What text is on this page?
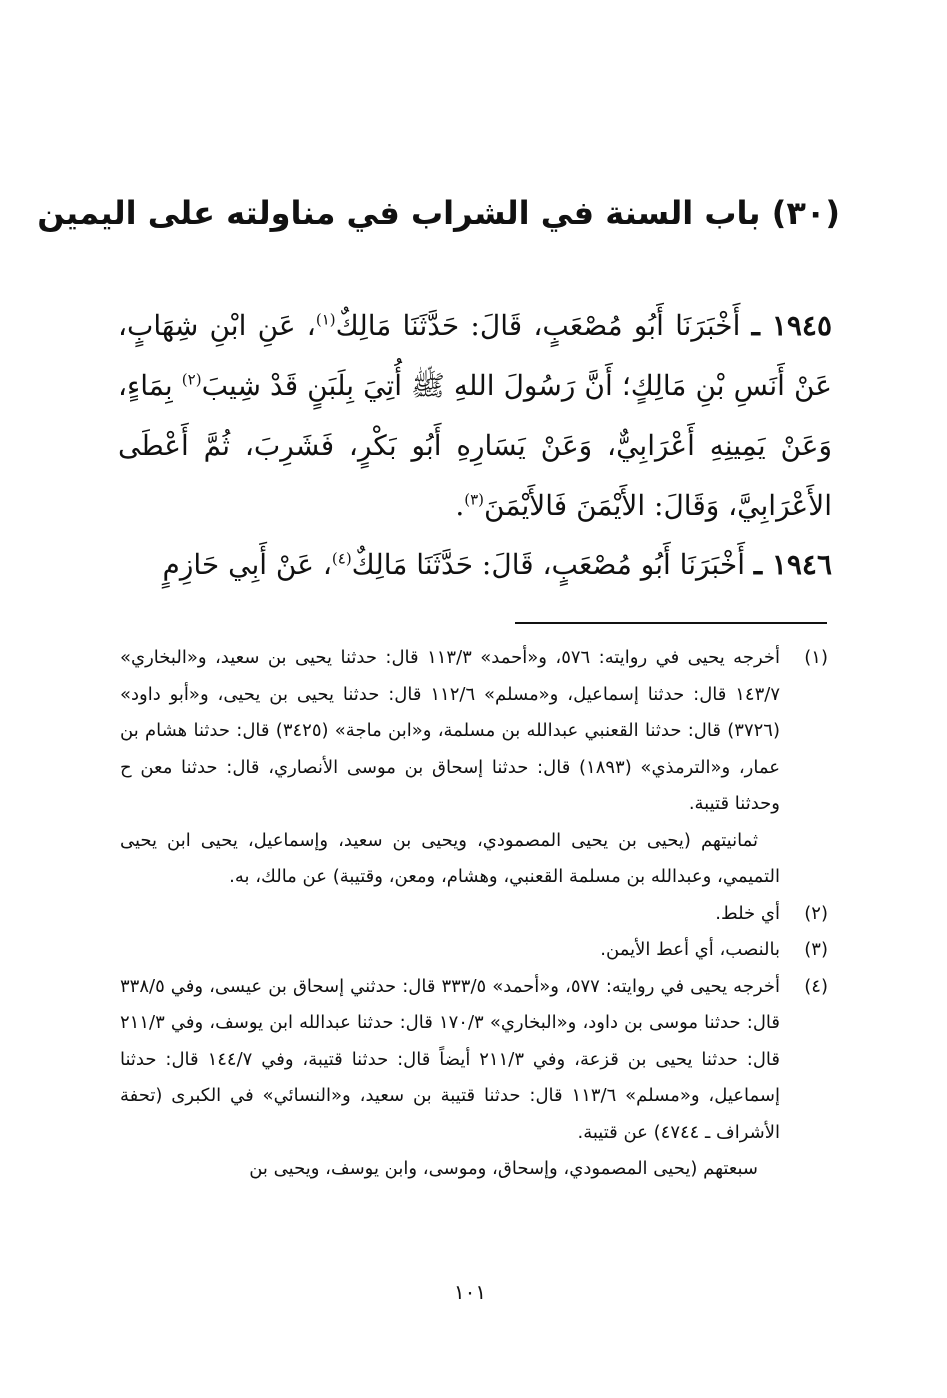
(٣٠) باب السنة في الشراب في مناولته على اليمين
١٩٤٥ ـ أَخْبَرَنَا أَبُو مُصْعَبٍ، قَالَ: حَدَّثَنَا مَالِكٌ$^{(١)}$، عَنِ ابْنِ شِهَابٍ، عَنْ أَنَسِ بْنِ مَالِكٍ؛ أَنَّ رَسُولَ اللهِ ﷺ أُتِيَ بِلَبَنٍ قَدْ شِيبَ$^{(٢)}$ بِمَاءٍ، وَعَنْ يَمِينِهِ أَعْرَابِيٌّ، وَعَنْ يَسَارِهِ أَبُو بَكْرٍ، فَشَرِبَ، ثُمَّ أَعْطَى الأَعْرَابِيَّ، وَقَالَ: الأَيْمَنَ فَالأَيْمَنَ$^{(٣)}$.
١٩٤٦ ـ أَخْبَرَنَا أَبُو مُصْعَبٍ، قَالَ: حَدَّثَنَا مَالِكٌ$^{(٤)}$، عَنْ أَبِي حَازِمٍ
(١)
أخرجه يحيى في روايته: ٥٧٦، و«أحمد» ١١٣/٣ قال: حدثنا يحيى بن سعيد، و«البخاري» ١٤٣/٧ قال: حدثنا إسماعيل، و«مسلم» ١١٢/٦ قال: حدثنا يحيى بن يحيى، و«أبو داود» (٣٧٢٦) قال: حدثنا القعنبي عبدالله بن مسلمة، و«ابن ماجة» (٣٤٢٥) قال: حدثنا هشام بن عمار، و«الترمذي» (١٨٩٣) قال: حدثنا إسحاق بن موسى الأنصاري، قال: حدثنا معن ح وحدثنا قتيبة.
ثمانيتهم (يحيى بن يحيى المصمودي، ويحيى بن سعيد، وإسماعيل، يحيى ابن يحيى التميمي، وعبدالله بن مسلمة القعنبي، وهشام، ومعن، وقتيبة) عن مالك، به.
(٢)
أي خلط.
(٣)
بالنصب، أي أعط الأيمن.
(٤)
أخرجه يحيى في روايته: ٥٧٧، و«أحمد» ٣٣٣/٥ قال: حدثني إسحاق بن عيسى، وفي ٣٣٨/٥ قال: حدثنا موسى بن داود، و«البخاري» ١٧٠/٣ قال: حدثنا عبدالله ابن يوسف، وفي ٢١١/٣ قال: حدثنا يحيى بن قزعة، وفي ٢١١/٣ أيضاً قال: حدثنا قتيبة، وفي ١٤٤/٧ قال: حدثنا إسماعيل، و«مسلم» ١١٣/٦ قال: حدثنا قتيبة بن سعيد، و«النسائي» في الكبرى (تحفة الأشراف ـ ٤٧٤٤) عن قتيبة.
سبعتهم (يحيى المصمودي، وإسحاق، وموسى، وابن يوسف، ويحيى بن
١٠١
